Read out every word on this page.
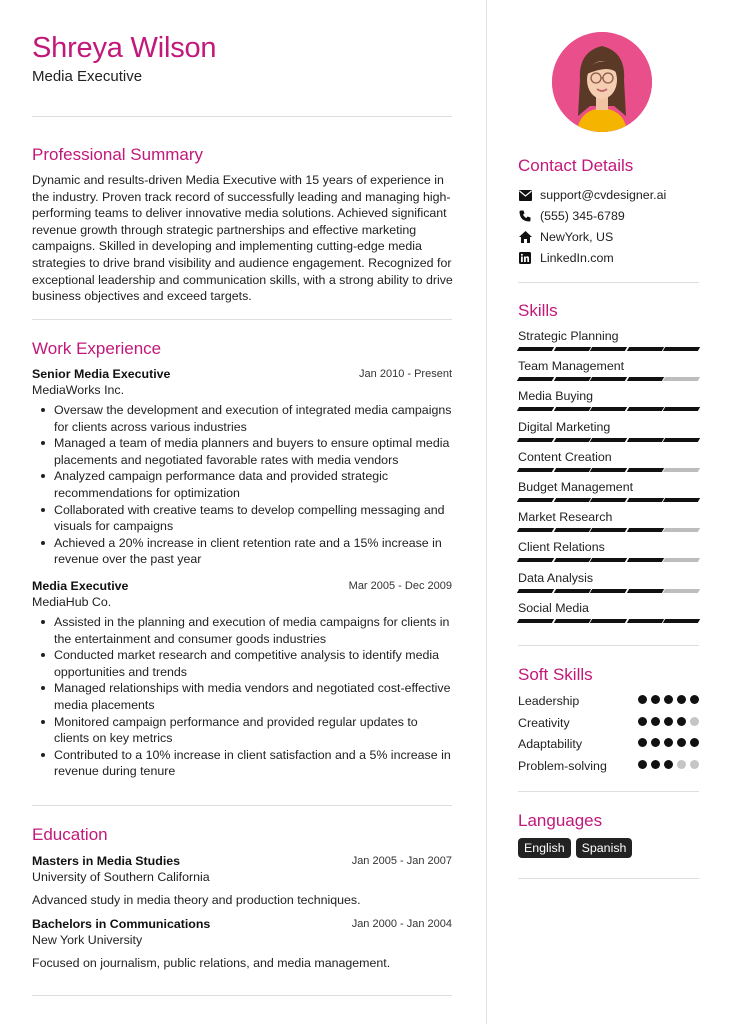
Shreya Wilson
Media Executive
Professional Summary
Dynamic and results-driven Media Executive with 15 years of experience in the industry. Proven track record of successfully leading and managing high-performing teams to deliver innovative media solutions. Achieved significant revenue growth through strategic partnerships and effective marketing campaigns. Skilled in developing and implementing cutting-edge media strategies to drive brand visibility and audience engagement. Recognized for exceptional leadership and communication skills, with a strong ability to drive business objectives and exceed targets.
Work Experience
Senior Media Executive	Jan 2010 - Present
MediaWorks Inc.
Oversaw the development and execution of integrated media campaigns for clients across various industries
Managed a team of media planners and buyers to ensure optimal media placements and negotiated favorable rates with media vendors
Analyzed campaign performance data and provided strategic recommendations for optimization
Collaborated with creative teams to develop compelling messaging and visuals for campaigns
Achieved a 20% increase in client retention rate and a 15% increase in revenue over the past year
Media Executive	Mar 2005 - Dec 2009
MediaHub Co.
Assisted in the planning and execution of media campaigns for clients in the entertainment and consumer goods industries
Conducted market research and competitive analysis to identify media opportunities and trends
Managed relationships with media vendors and negotiated cost-effective media placements
Monitored campaign performance and provided regular updates to clients on key metrics
Contributed to a 10% increase in client satisfaction and a 5% increase in revenue during tenure
Education
Masters in Media Studies	Jan 2005 - Jan 2007
University of Southern California
Advanced study in media theory and production techniques.
Bachelors in Communications	Jan 2000 - Jan 2004
New York University
Focused on journalism, public relations, and media management.
Contact Details
support@cvdesigner.ai
(555) 345-6789
NewYork, US
LinkedIn.com
Skills
Strategic Planning
Team Management
Media Buying
Digital Marketing
Content Creation
Budget Management
Market Research
Client Relations
Data Analysis
Social Media
Soft Skills
Leadership
Creativity
Adaptability
Problem-solving
Languages
English	Spanish
